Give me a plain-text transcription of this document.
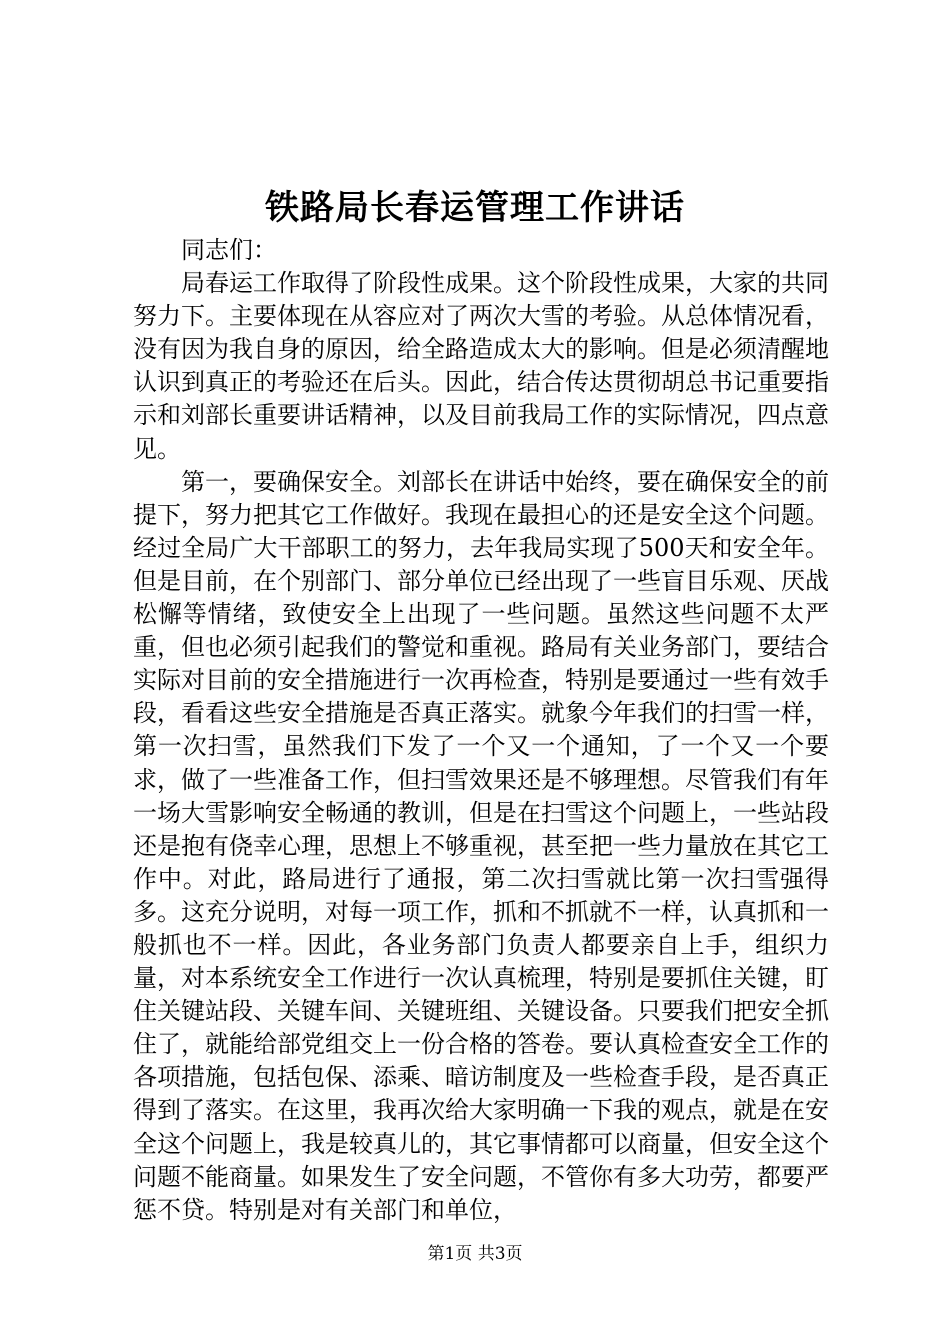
铁路局长春运管理工作讲话

同志们：

局春运工作取得了阶段性成果。这个阶段性成果，大家的共同努力下。主要体现在从容应对了两次大雪的考验。从总体情况看，没有因为我自身的原因，给全路造成太大的影响。但是必须清醒地认识到真正的考验还在后头。因此，结合传达贯彻胡总书记重要指示和刘部长重要讲话精神，以及目前我局工作的实际情况，四点意见。

第一，要确保安全。刘部长在讲话中始终，要在确保安全的前提下，努力把其它工作做好。我现在最担心的还是安全这个问题。经过全局广大干部职工的努力，去年我局实现了500天和安全年。但是目前，在个别部门、部分单位已经出现了一些盲目乐观、厌战松懈等情绪，致使安全上出现了一些问题。虽然这些问题不太严重，但也必须引起我们的警觉和重视。路局有关业务部门，要结合实际对目前的安全措施进行一次再检查，特别是要通过一些有效手段，看看这些安全措施是否真正落实。就象今年我们的扫雪一样，第一次扫雪，虽然我们下发了一个又一个通知，了一个又一个要求，做了一些准备工作，但扫雪效果还是不够理想。尽管我们有年一场大雪影响安全畅通的教训，但是在扫雪这个问题上，一些站段还是抱有侥幸心理，思想上不够重视，甚至把一些力量放在其它工作中。对此，路局进行了通报，第二次扫雪就比第一次扫雪强得多。这充分说明，对每一项工作，抓和不抓就不一样，认真抓和一般抓也不一样。因此，各业务部门负责人都要亲自上手，组织力量，对本系统安全工作进行一次认真梳理，特别是要抓住关键，盯住关键站段、关键车间、关键班组、关键设备。只要我们把安全抓住了，就能给部党组交上一份合格的答卷。要认真检查安全工作的各项措施，包括包保、添乘、暗访制度及一些检查手段，是否真正得到了落实。在这里，我再次给大家明确一下我的观点，就是在安全这个问题上，我是较真儿的，其它事情都可以商量，但安全这个问题不能商量。如果发生了安全问题，不管你有多大功劳，都要严惩不贷。特别是对有关部门和单位，

第1页 共3页
